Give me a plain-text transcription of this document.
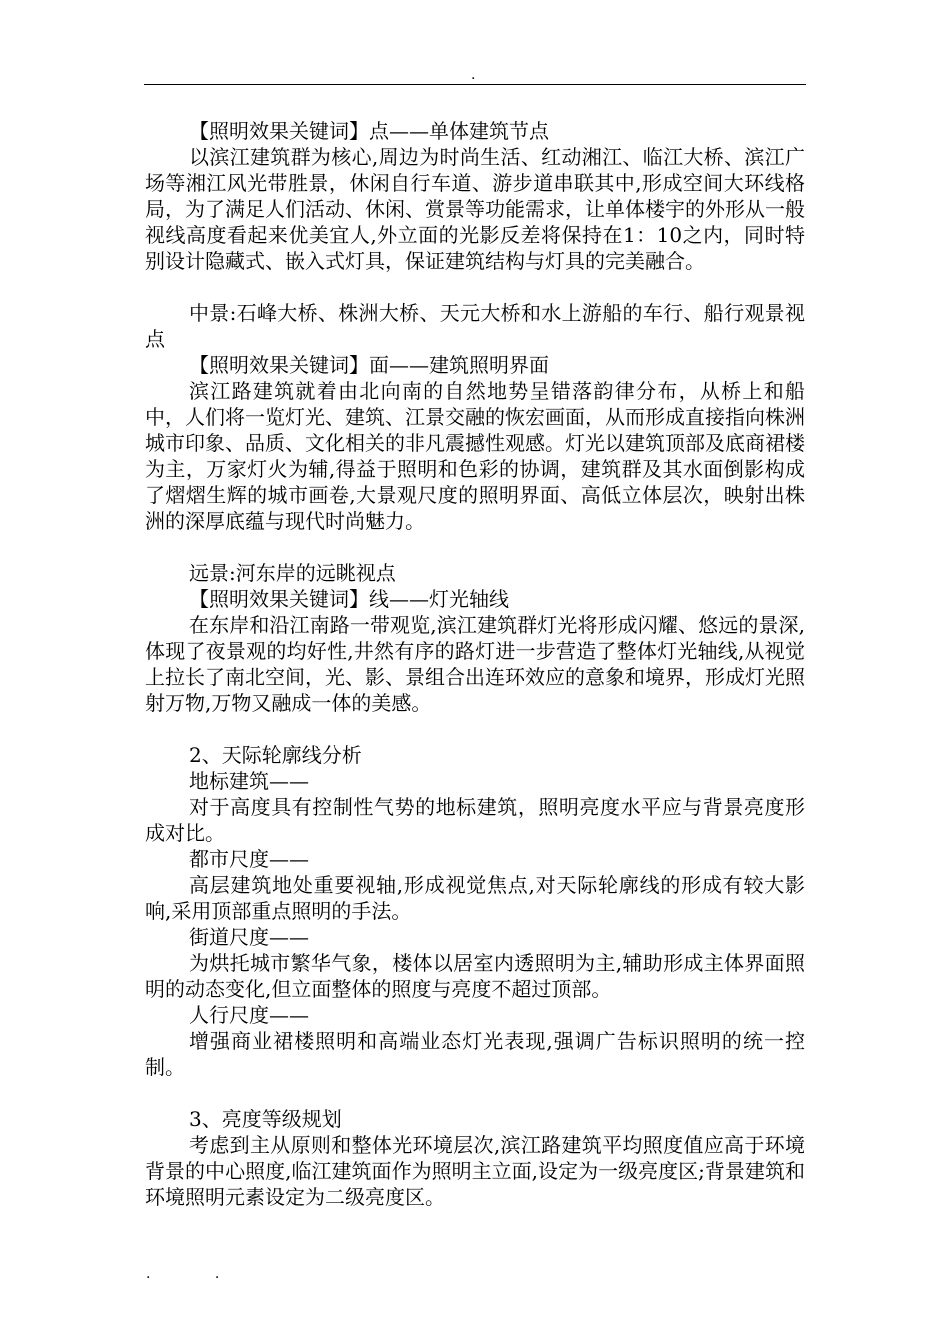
.

【照明效果关键词】点——单体建筑节点

以滨江建筑群为核心,周边为时尚生活、红动湘江、临江大桥、滨江广场等湘江风光带胜景，休闲自行车道、游步道串联其中,形成空间大环线格局，为了满足人们活动、休闲、赏景等功能需求，让单体楼宇的外形从一般视线高度看起来优美宜人,外立面的光影反差将保持在1：10之内，同时特别设计隐藏式、嵌入式灯具，保证建筑结构与灯具的完美融合。

中景:石峰大桥、株洲大桥、天元大桥和水上游船的车行、船行观景视点

【照明效果关键词】面——建筑照明界面

滨江路建筑就着由北向南的自然地势呈错落韵律分布，从桥上和船中，人们将一览灯光、建筑、江景交融的恢宏画面，从而形成直接指向株洲城市印象、品质、文化相关的非凡震撼性观感。灯光以建筑顶部及底商裙楼为主，万家灯火为辅,得益于照明和色彩的协调，建筑群及其水面倒影构成了熠熠生辉的城市画卷,大景观尺度的照明界面、高低立体层次，映射出株洲的深厚底蕴与现代时尚魅力。

远景:河东岸的远眺视点

【照明效果关键词】线——灯光轴线

在东岸和沿江南路一带观览,滨江建筑群灯光将形成闪耀、悠远的景深,体现了夜景观的均好性,井然有序的路灯进一步营造了整体灯光轴线,从视觉上拉长了南北空间，光、影、景组合出连环效应的意象和境界，形成灯光照射万物,万物又融成一体的美感。

2、天际轮廓线分析

地标建筑——

对于高度具有控制性气势的地标建筑，照明亮度水平应与背景亮度形成对比。

都市尺度——

高层建筑地处重要视轴,形成视觉焦点,对天际轮廓线的形成有较大影响,采用顶部重点照明的手法。

街道尺度——

为烘托城市繁华气象，楼体以居室内透照明为主,辅助形成主体界面照明的动态变化,但立面整体的照度与亮度不超过顶部。

人行尺度——

增强商业裙楼照明和高端业态灯光表现,强调广告标识照明的统一控制。

3、亮度等级规划

考虑到主从原则和整体光环境层次,滨江路建筑平均照度值应高于环境背景的中心照度,临江建筑面作为照明主立面,设定为一级亮度区;背景建筑和环境照明元素设定为二级亮度区。

. .
